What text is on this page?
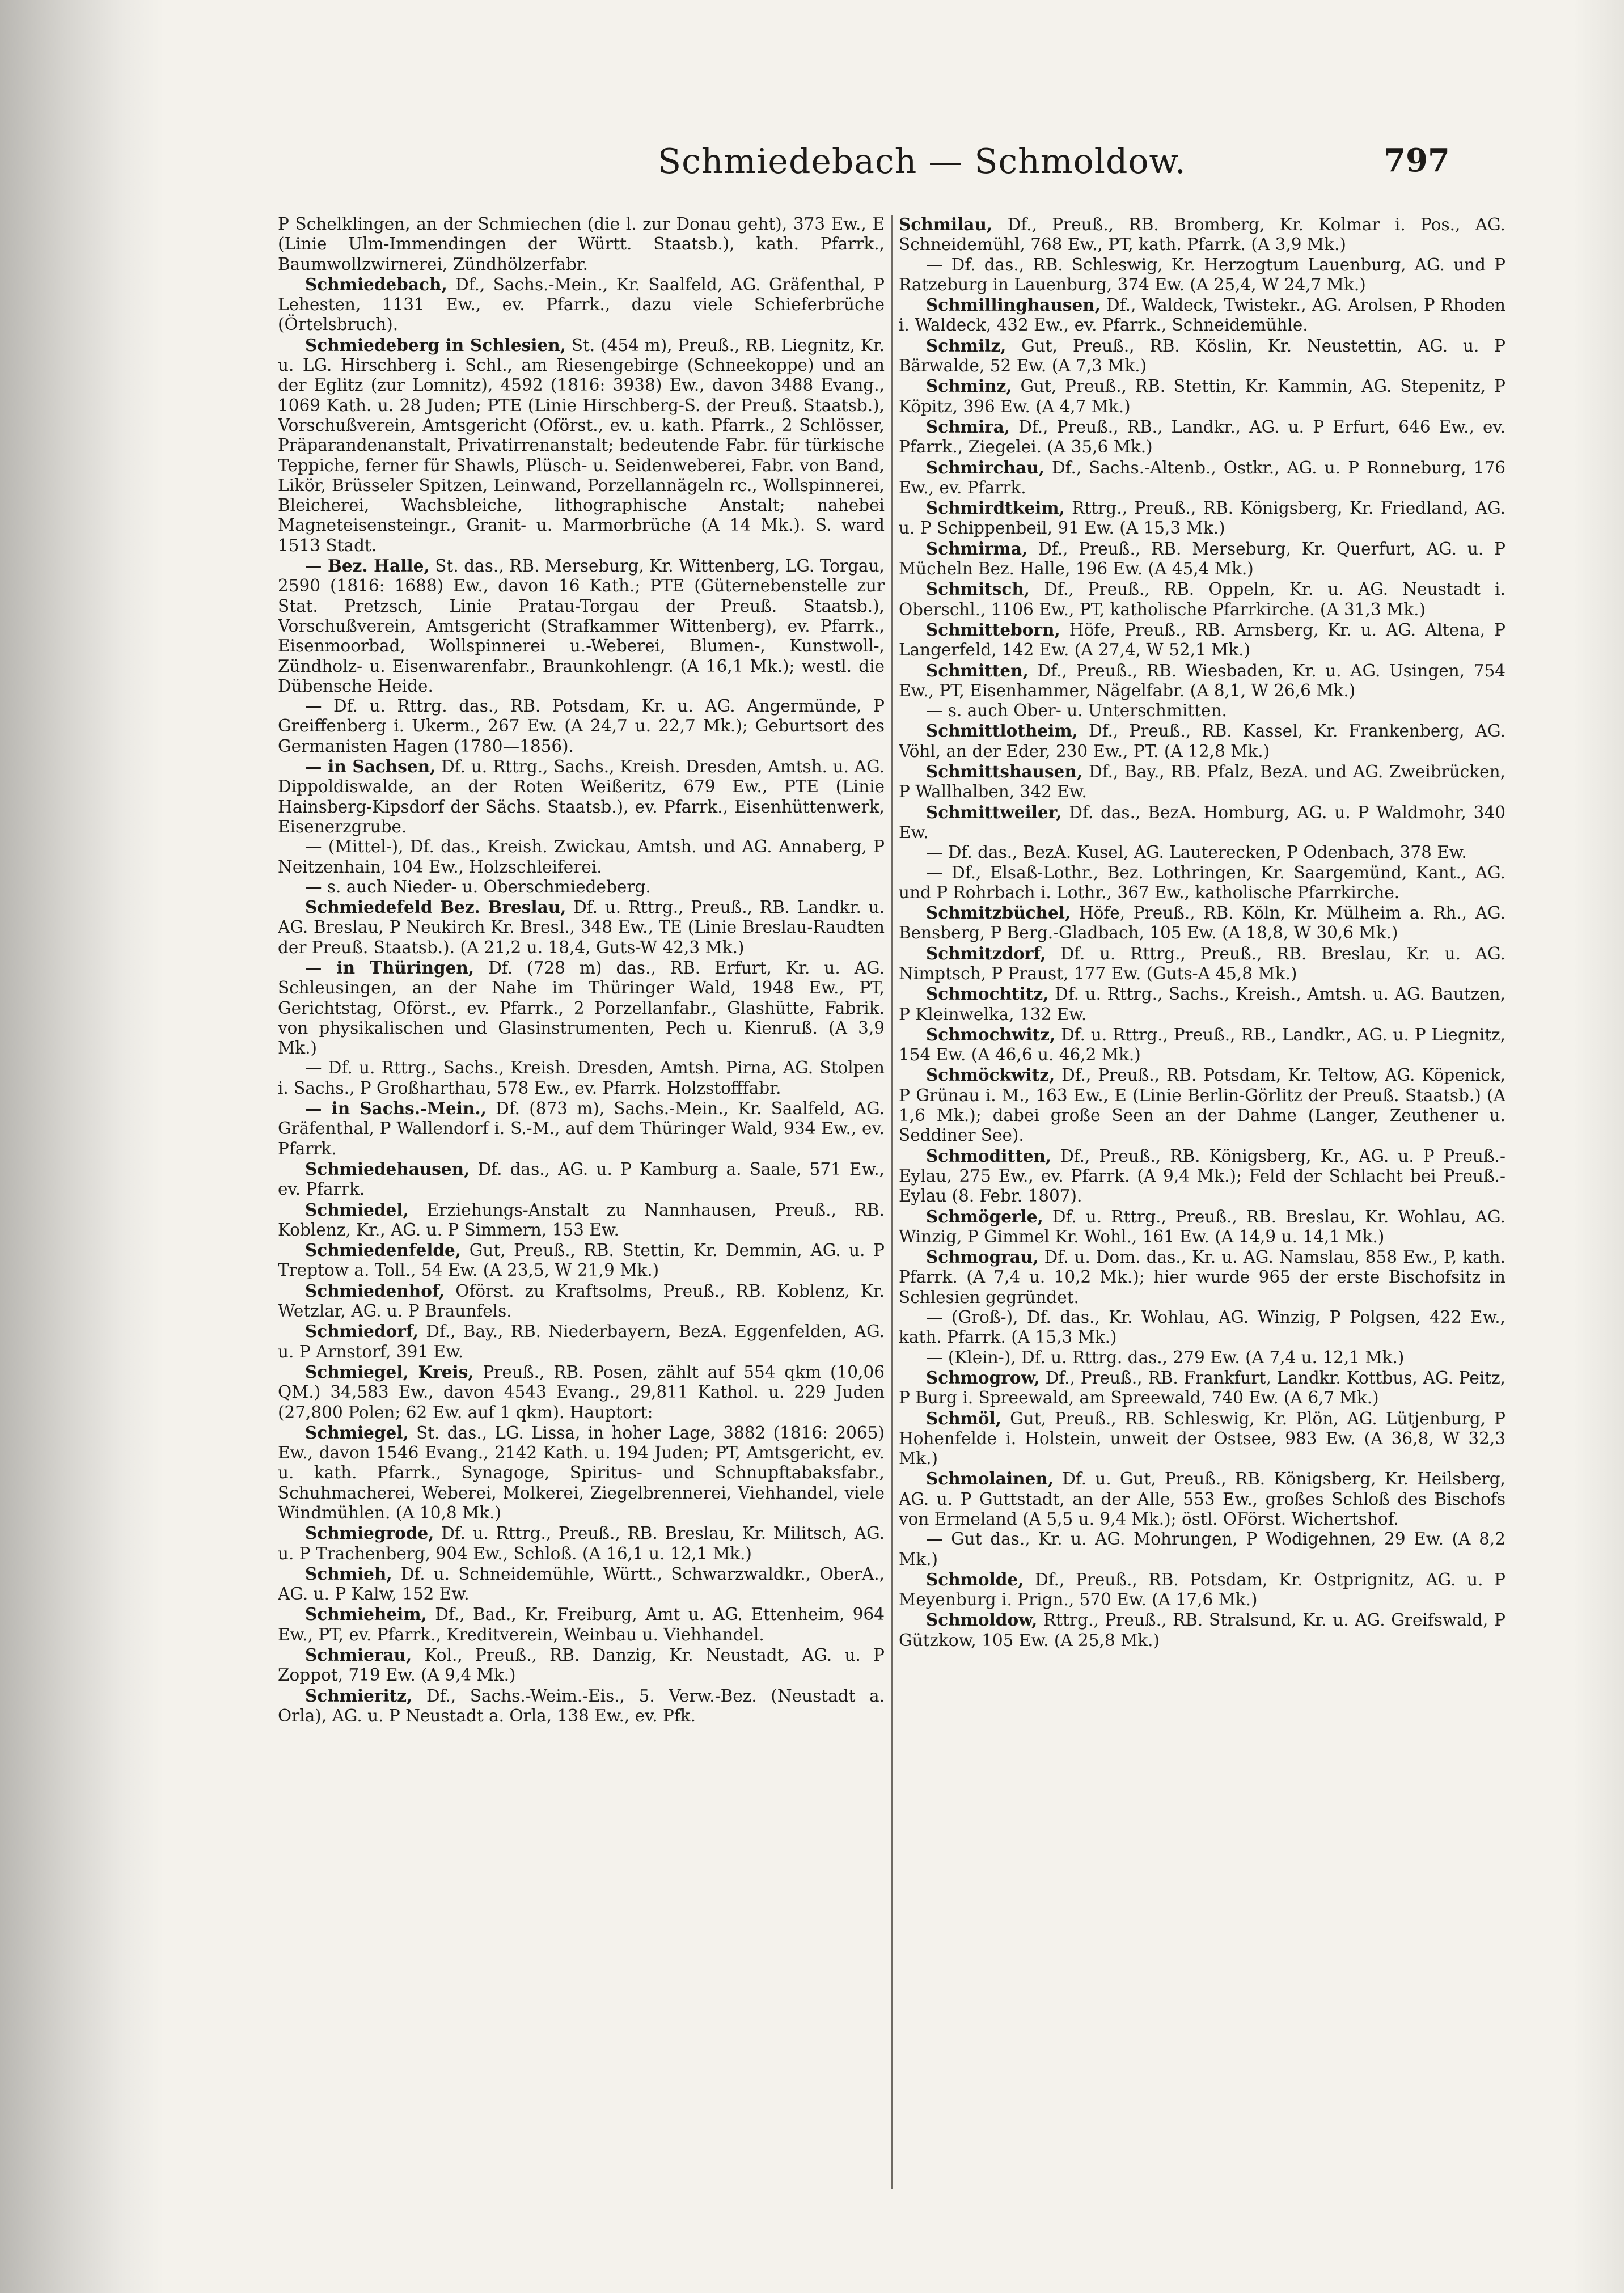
Schmiedebach — Schmoldow.	797

P Schelklingen, an der Schmiechen (die l. zur Donau geht), 373 Ew., E (Linie Ulm-Immendingen der Württ. Staatsb.), kath. Pfarrk., Baumwollzwirnerei, Zündhölzerfabr.

Schmiedebach, Df., Sachs.-Mein., Kr. Saalfeld, AG. Gräfenthal, P Lehesten, 1131 Ew., ev. Pfarrk., dazu viele Schieferbrüche (Örtelsbruch).

Schmiedeberg in Schlesien, St. (454 m), Preuß., RB. Liegnitz, Kr. u. LG. Hirschberg i. Schl., am Riesengebirge (Schneekoppe) und an der Eglitz (zur Lomnitz), 4592 (1816: 3938) Ew., davon 3488 Evang., 1069 Kath. u. 28 Juden; PTE (Linie Hirschberg-S. der Preuß. Staatsb.), Vorschußverein, Amtsgericht (Oförst., ev. u. kath. Pfarrk., 2 Schlösser, Präparandenanstalt, Privatirrenanstalt; bedeutende Fabr. für türkische Teppiche, ferner für Shawls, Plüsch- u. Seidenweberei, Fabr. von Band, Likör, Brüsseler Spitzen, Leinwand, Porzellannägeln rc., Wollspinnerei, Bleicherei, Wachsbleiche, lithographische Anstalt; nahebei Magneteisensteingr., Granit- u. Marmorbrüche (A 14 Mk.). S. ward 1513 Stadt.

— Bez. Halle, St. das., RB. Merseburg, Kr. Wittenberg, LG. Torgau, 2590 (1816: 1688) Ew., davon 16 Kath.; PTE (Güternebenstelle zur Stat. Pretzsch, Linie Pratau-Torgau der Preuß. Staatsb.), Vorschußverein, Amtsgericht (Strafkammer Wittenberg), ev. Pfarrk., Eisenmoorbad, Wollspinnerei u.-Weberei, Blumen-, Kunstwoll-, Zündholz- u. Eisenwarenfabr., Braunkohlengr. (A 16,1 Mk.); westl. die Dübensche Heide.

— Df. u. Rttrg. das., RB. Potsdam, Kr. u. AG. Angermünde, P Greiffenberg i. Ukerm., 267 Ew. (A 24,7 u. 22,7 Mk.); Geburtsort des Germanisten Hagen (1780—1856).

— in Sachsen, Df. u. Rttrg., Sachs., Kreish. Dresden, Amtsh. u. AG. Dippoldiswalde, an der Roten Weißeritz, 679 Ew., PTE (Linie Hainsberg-Kipsdorf der Sächs. Staatsb.), ev. Pfarrk., Eisenhüttenwerk, Eisenerzgrube.

— (Mittel-), Df. das., Kreish. Zwickau, Amtsh. und AG. Annaberg, P Neitzenhain, 104 Ew., Holzschleiferei.

— s. auch Nieder- u. Oberschmiedeberg.

Schmiedefeld Bez. Breslau, Df. u. Rttrg., Preuß., RB. Landkr. u. AG. Breslau, P Neukirch Kr. Bresl., 348 Ew., TE (Linie Breslau-Raudten der Preuß. Staatsb.). (A 21,2 u. 18,4, Guts-W 42,3 Mk.)

— in Thüringen, Df. (728 m) das., RB. Erfurt, Kr. u. AG. Schleusingen, an der Nahe im Thüringer Wald, 1948 Ew., PT, Gerichtstag, Oförst., ev. Pfarrk., 2 Porzellanfabr., Glashütte, Fabrik. von physikalischen und Glasinstrumenten, Pech u. Kienruß. (A 3,9 Mk.)

— Df. u. Rttrg., Sachs., Kreish. Dresden, Amtsh. Pirna, AG. Stolpen i. Sachs., P Großharthau, 578 Ew., ev. Pfarrk. Holzstofffabr.

— in Sachs.-Mein., Df. (873 m), Sachs.-Mein., Kr. Saalfeld, AG. Gräfenthal, P Wallendorf i. S.-M., auf dem Thüringer Wald, 934 Ew., ev. Pfarrk.

Schmiedehausen, Df. das., AG. u. P Kamburg a. Saale, 571 Ew., ev. Pfarrk.

Schmiedel, Erziehungs-Anstalt zu Nannhausen, Preuß., RB. Koblenz, Kr., AG. u. P Simmern, 153 Ew.

Schmiedenfelde, Gut, Preuß., RB. Stettin, Kr. Demmin, AG. u. P Treptow a. Toll., 54 Ew. (A 23,5, W 21,9 Mk.)

Schmiedenhof, Oförst. zu Kraftsolms, Preuß., RB. Koblenz, Kr. Wetzlar, AG. u. P Braunfels.

Schmiedorf, Df., Bay., RB. Niederbayern, BezA. Eggenfelden, AG. u. P Arnstorf, 391 Ew.

Schmiegel, Kreis, Preuß., RB. Posen, zählt auf 554 qkm (10,06 QM.) 34,583 Ew., davon 4543 Evang., 29,811 Kathol. u. 229 Juden (27,800 Polen; 62 Ew. auf 1 qkm). Hauptort:

Schmiegel, St. das., LG. Lissa, in hoher Lage, 3882 (1816: 2065) Ew., davon 1546 Evang., 2142 Kath. u. 194 Juden; PT, Amtsgericht, ev. u. kath. Pfarrk., Synagoge, Spiritus- und Schnupftabaksfabr., Schuhmacherei, Weberei, Molkerei, Ziegelbrennerei, Viehhandel, viele Windmühlen. (A 10,8 Mk.)

Schmiegrode, Df. u. Rttrg., Preuß., RB. Breslau, Kr. Militsch, AG. u. P Trachenberg, 904 Ew., Schloß. (A 16,1 u. 12,1 Mk.)

Schmieh, Df. u. Schneidemühle, Württ., Schwarzwaldkr., OberA., AG. u. P Kalw, 152 Ew.

Schmieheim, Df., Bad., Kr. Freiburg, Amt u. AG. Ettenheim, 964 Ew., PT, ev. Pfarrk., Kreditverein, Weinbau u. Viehhandel.

Schmierau, Kol., Preuß., RB. Danzig, Kr. Neustadt, AG. u. P Zoppot, 719 Ew. (A 9,4 Mk.)

Schmieritz, Df., Sachs.-Weim.-Eis., 5. Verw.-Bez. (Neustadt a. Orla), AG. u. P Neustadt a. Orla, 138 Ew., ev. Pfk.

Schmilau, Df., Preuß., RB. Bromberg, Kr. Kolmar i. Pos., AG. Schneidemühl, 768 Ew., PT, kath. Pfarrk. (A 3,9 Mk.)

— Df. das., RB. Schleswig, Kr. Herzogtum Lauenburg, AG. und P Ratzeburg in Lauenburg, 374 Ew. (A 25,4, W 24,7 Mk.)

Schmillinghausen, Df., Waldeck, Twistekr., AG. Arolsen, P Rhoden i. Waldeck, 432 Ew., ev. Pfarrk., Schneidemühle.

Schmilz, Gut, Preuß., RB. Köslin, Kr. Neustettin, AG. u. P Bärwalde, 52 Ew. (A 7,3 Mk.)

Schminz, Gut, Preuß., RB. Stettin, Kr. Kammin, AG. Stepenitz, P Köpitz, 396 Ew. (A 4,7 Mk.)

Schmira, Df., Preuß., RB., Landkr., AG. u. P Erfurt, 646 Ew., ev. Pfarrk., Ziegelei. (A 35,6 Mk.)

Schmirchau, Df., Sachs.-Altenb., Ostkr., AG. u. P Ronneburg, 176 Ew., ev. Pfarrk.

Schmirdtkeim, Rttrg., Preuß., RB. Königsberg, Kr. Friedland, AG. u. P Schippenbeil, 91 Ew. (A 15,3 Mk.)

Schmirma, Df., Preuß., RB. Merseburg, Kr. Querfurt, AG. u. P Mücheln Bez. Halle, 196 Ew. (A 45,4 Mk.)

Schmitsch, Df., Preuß., RB. Oppeln, Kr. u. AG. Neustadt i. Oberschl., 1106 Ew., PT, katholische Pfarrkirche. (A 31,3 Mk.)

Schmitteborn, Höfe, Preuß., RB. Arnsberg, Kr. u. AG. Altena, P Langerfeld, 142 Ew. (A 27,4, W 52,1 Mk.)

Schmitten, Df., Preuß., RB. Wiesbaden, Kr. u. AG. Usingen, 754 Ew., PT, Eisenhammer, Nägelfabr. (A 8,1, W 26,6 Mk.)

— s. auch Ober- u. Unterschmitten.

Schmittlotheim, Df., Preuß., RB. Kassel, Kr. Frankenberg, AG. Vöhl, an der Eder, 230 Ew., PT. (A 12,8 Mk.)

Schmittshausen, Df., Bay., RB. Pfalz, BezA. und AG. Zweibrücken, P Wallhalben, 342 Ew.

Schmittweiler, Df. das., BezA. Homburg, AG. u. P Waldmohr, 340 Ew.

— Df. das., BezA. Kusel, AG. Lauterecken, P Odenbach, 378 Ew.

— Df., Elsaß-Lothr., Bez. Lothringen, Kr. Saargemünd, Kant., AG. und P Rohrbach i. Lothr., 367 Ew., katholische Pfarrkirche.

Schmitzbüchel, Höfe, Preuß., RB. Köln, Kr. Mülheim a. Rh., AG. Bensberg, P Berg.-Gladbach, 105 Ew. (A 18,8, W 30,6 Mk.)

Schmitzdorf, Df. u. Rttrg., Preuß., RB. Breslau, Kr. u. AG. Nimptsch, P Praust, 177 Ew. (Guts-A 45,8 Mk.)

Schmochtitz, Df. u. Rttrg., Sachs., Kreish., Amtsh. u. AG. Bautzen, P Kleinwelka, 132 Ew.

Schmochwitz, Df. u. Rttrg., Preuß., RB., Landkr., AG. u. P Liegnitz, 154 Ew. (A 46,6 u. 46,2 Mk.)

Schmöckwitz, Df., Preuß., RB. Potsdam, Kr. Teltow, AG. Köpenick, P Grünau i. M., 163 Ew., E (Linie Berlin-Görlitz der Preuß. Staatsb.) (A 1,6 Mk.); dabei große Seen an der Dahme (Langer, Zeuthener u. Seddiner See).

Schmoditten, Df., Preuß., RB. Königsberg, Kr., AG. u. P Preuß.-Eylau, 275 Ew., ev. Pfarrk. (A 9,4 Mk.); Feld der Schlacht bei Preuß.-Eylau (8. Febr. 1807).

Schmögerle, Df. u. Rttrg., Preuß., RB. Breslau, Kr. Wohlau, AG. Winzig, P Gimmel Kr. Wohl., 161 Ew. (A 14,9 u. 14,1 Mk.)

Schmograu, Df. u. Dom. das., Kr. u. AG. Namslau, 858 Ew., P, kath. Pfarrk. (A 7,4 u. 10,2 Mk.); hier wurde 965 der erste Bischofsitz in Schlesien gegründet.

— (Groß-), Df. das., Kr. Wohlau, AG. Winzig, P Polgsen, 422 Ew., kath. Pfarrk. (A 15,3 Mk.)

— (Klein-), Df. u. Rttrg. das., 279 Ew. (A 7,4 u. 12,1 Mk.)

Schmogrow, Df., Preuß., RB. Frankfurt, Landkr. Kottbus, AG. Peitz, P Burg i. Spreewald, am Spreewald, 740 Ew. (A 6,7 Mk.)

Schmöl, Gut, Preuß., RB. Schleswig, Kr. Plön, AG. Lütjenburg, P Hohenfelde i. Holstein, unweit der Ostsee, 983 Ew. (A 36,8, W 32,3 Mk.)

Schmolainen, Df. u. Gut, Preuß., RB. Königsberg, Kr. Heilsberg, AG. u. P Guttstadt, an der Alle, 553 Ew., großes Schloß des Bischofs von Ermeland (A 5,5 u. 9,4 Mk.); östl. OFörst. Wichertshof.

— Gut das., Kr. u. AG. Mohrungen, P Wodigehnen, 29 Ew. (A 8,2 Mk.)

Schmolde, Df., Preuß., RB. Potsdam, Kr. Ostprignitz, AG. u. P Meyenburg i. Prign., 570 Ew. (A 17,6 Mk.)

Schmoldow, Rttrg., Preuß., RB. Stralsund, Kr. u. AG. Greifswald, P Gützkow, 105 Ew. (A 25,8 Mk.)
